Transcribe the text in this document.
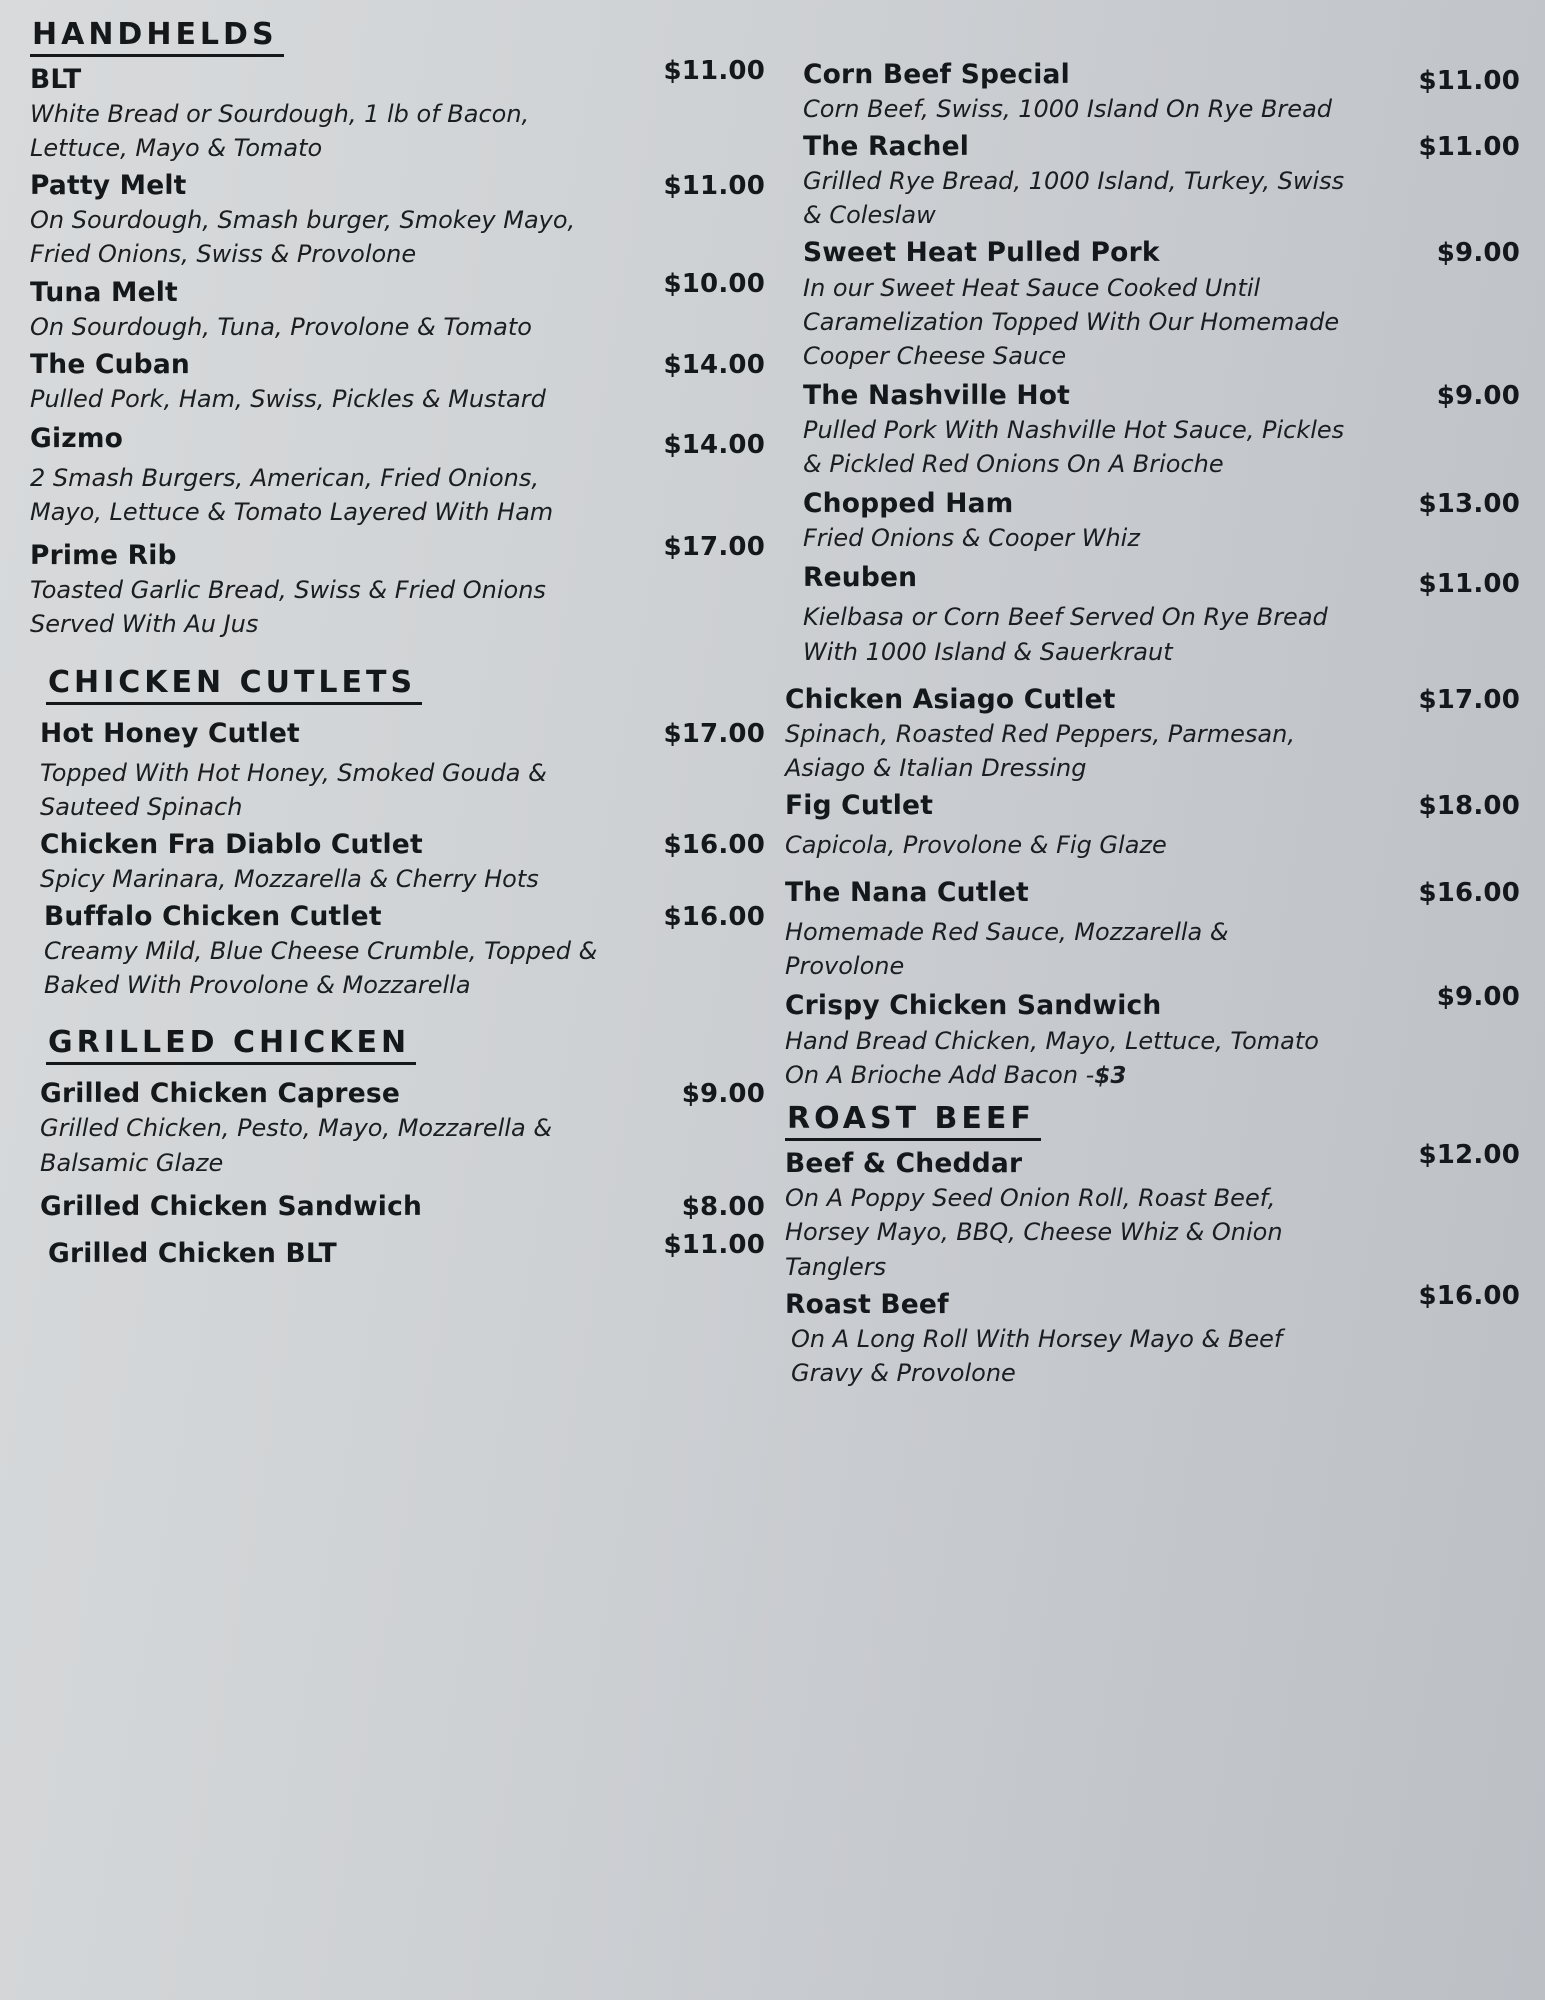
HANDHELDS
BLT	$11.00
White Bread or Sourdough, 1 lb of Bacon, Lettuce, Mayo & Tomato
Patty Melt	$11.00
On Sourdough, Smash burger, Smokey Mayo, Fried Onions, Swiss & Provolone
Tuna Melt	$10.00
On Sourdough, Tuna, Provolone & Tomato
The Cuban	$14.00
Pulled Pork, Ham, Swiss, Pickles & Mustard
Gizmo	$14.00
2 Smash Burgers, American, Fried Onions, Mayo, Lettuce & Tomato Layered With Ham
Prime Rib	$17.00
Toasted Garlic Bread, Swiss & Fried Onions Served With Au Jus
CHICKEN CUTLETS
Hot Honey Cutlet	$17.00
Topped With Hot Honey, Smoked Gouda & Sauteed Spinach
Chicken Fra Diablo Cutlet	$16.00
Spicy Marinara, Mozzarella & Cherry Hots
Buffalo Chicken Cutlet	$16.00
Creamy Mild, Blue Cheese Crumble, Topped & Baked With Provolone & Mozzarella
GRILLED CHICKEN
Grilled Chicken Caprese	$9.00
Grilled Chicken, Pesto, Mayo, Mozzarella & Balsamic Glaze
Grilled Chicken Sandwich	$8.00
Grilled Chicken BLT	$11.00
Corn Beef Special	$11.00
Corn Beef, Swiss, 1000 Island On Rye Bread
The Rachel	$11.00
Grilled Rye Bread, 1000 Island, Turkey, Swiss & Coleslaw
Sweet Heat Pulled Pork	$9.00
In our Sweet Heat Sauce Cooked Until Caramelization Topped With Our Homemade Cooper Cheese Sauce
The Nashville Hot	$9.00
Pulled Pork With Nashville Hot Sauce, Pickles & Pickled Red Onions On A Brioche
Chopped Ham	$13.00
Fried Onions & Cooper Whiz
Reuben	$11.00
Kielbasa or Corn Beef Served On Rye Bread With 1000 Island & Sauerkraut
Chicken Asiago Cutlet	$17.00
Spinach, Roasted Red Peppers, Parmesan, Asiago & Italian Dressing
Fig Cutlet	$18.00
Capicola, Provolone & Fig Glaze
The Nana Cutlet	$16.00
Homemade Red Sauce, Mozzarella & Provolone
Crispy Chicken Sandwich	$9.00
Hand Bread Chicken, Mayo, Lettuce, Tomato On A Brioche Add Bacon -$3
ROAST BEEF
Beef & Cheddar	$12.00
On A Poppy Seed Onion Roll, Roast Beef, Horsey Mayo, BBQ, Cheese Whiz & Onion Tanglers
Roast Beef	$16.00
On A Long Roll With Horsey Mayo & Beef Gravy & Provolone
